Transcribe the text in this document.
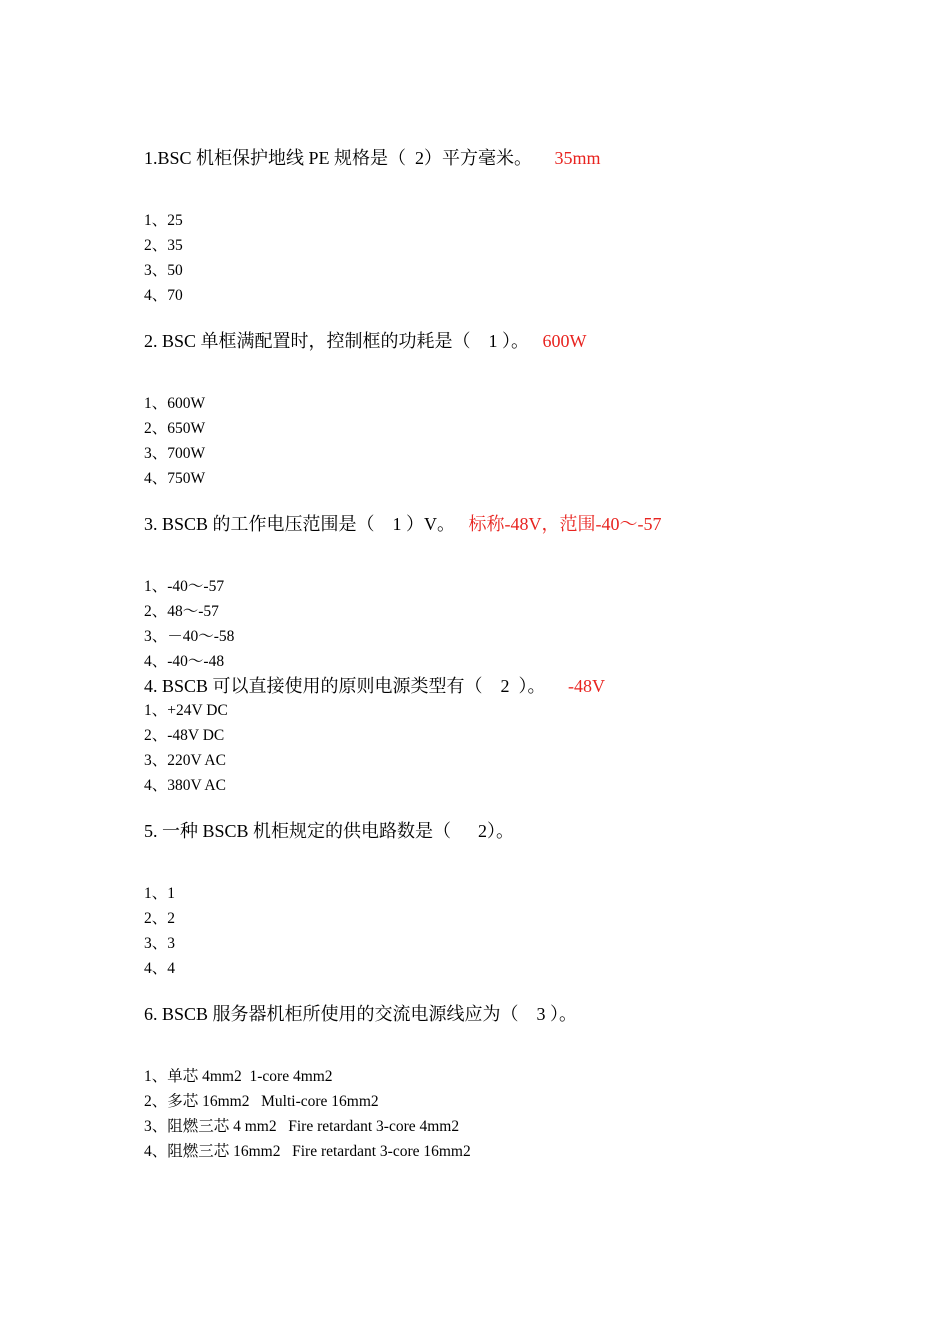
1.BSC 机柜保护地线 PE 规格是（  2）平方毫米。 35mm
1、25
2、35
3、50
4、70
2. BSC 单框满配置时，控制框的功耗是（    1 ）。 600W
1、600W
2、650W
3、700W
4、750W
3. BSCB 的工作电压范围是（    1 ）V。 标称-48V，范围-40～-57
1、-40～-57
2、48～-57
3、－40～-58
4、-40～-48
4. BSCB 可以直接使用的原则电源类型有（    2  ）。 -48V
1、+24V DC
2、-48V DC
3、220V AC
4、380V AC
5. 一种 BSCB 机柜规定的供电路数是（      2）。
1、1
2、2
3、3
4、4
6. BSCB 服务器机柜所使用的交流电源线应为（    3 ）。
1、单芯 4mm2  1-core 4mm2
2、多芯 16mm2   Multi-core 16mm2
3、阻燃三芯 4 mm2   Fire retardant 3-core 4mm2
4、阻燃三芯 16mm2   Fire retardant 3-core 16mm2
